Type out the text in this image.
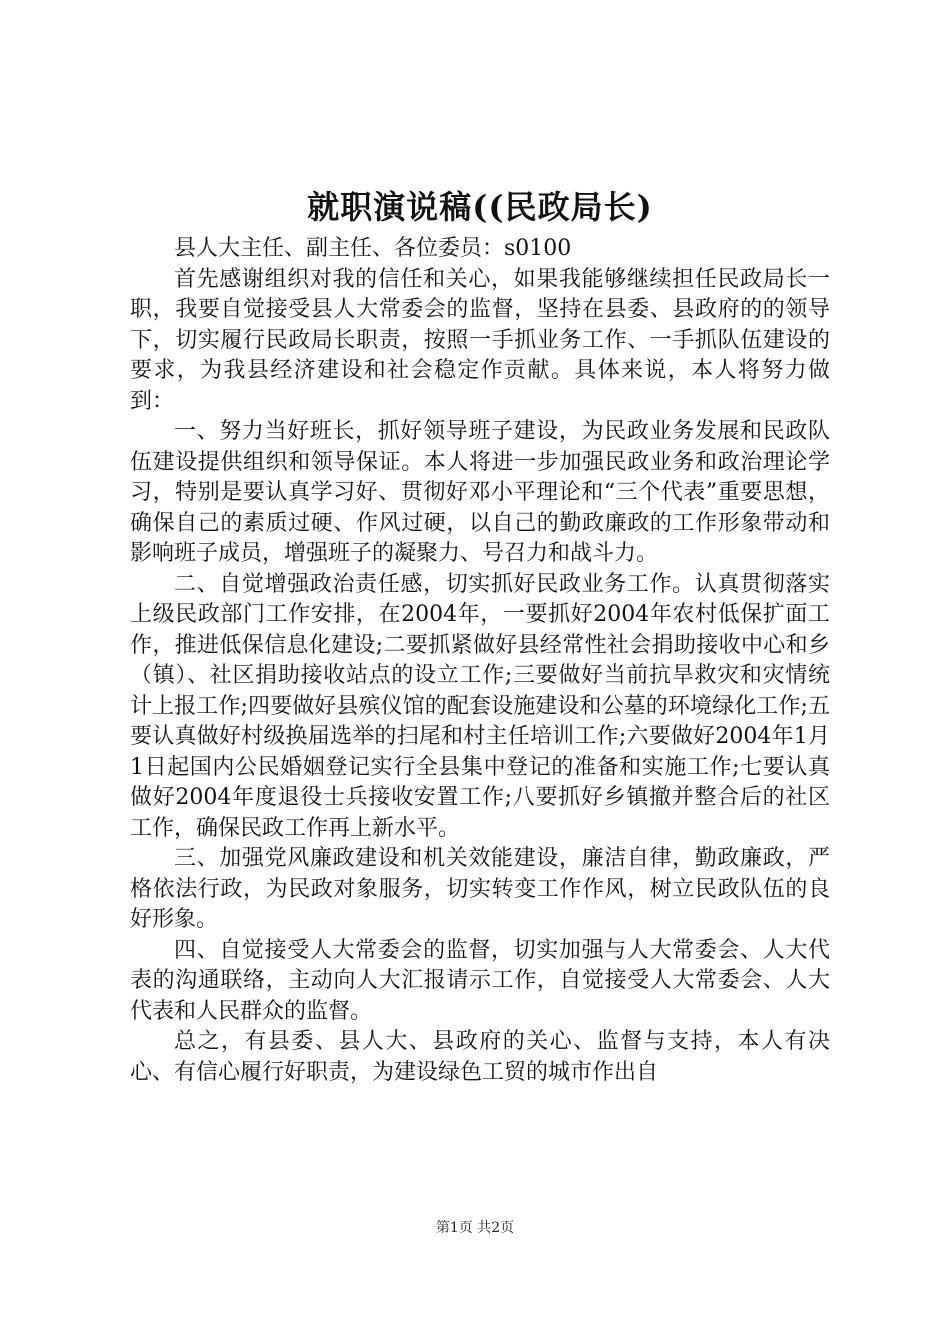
就职演说稿((民政局长)

县人大主任、副主任、各位委员：s0100

首先感谢组织对我的信任和关心，如果我能够继续担任民政局长一职，我要自觉接受县人大常委会的监督，坚持在县委、县政府的的领导下，切实履行民政局长职责，按照一手抓业务工作、一手抓队伍建设的要求，为我县经济建设和社会稳定作贡献。具体来说，本人将努力做到：

一、努力当好班长，抓好领导班子建设，为民政业务发展和民政队伍建设提供组织和领导保证。本人将进一步加强民政业务和政治理论学习，特别是要认真学习好、贯彻好邓小平理论和“三个代表”重要思想，确保自己的素质过硬、作风过硬，以自己的勤政廉政的工作形象带动和影响班子成员，增强班子的凝聚力、号召力和战斗力。

二、自觉增强政治责任感，切实抓好民政业务工作。认真贯彻落实上级民政部门工作安排，在2004年，一要抓好2004年农村低保扩面工作，推进低保信息化建设;二要抓紧做好县经常性社会捐助接收中心和乡（镇）、社区捐助接收站点的设立工作;三要做好当前抗旱救灾和灾情统计上报工作;四要做好县殡仪馆的配套设施建设和公墓的环境绿化工作;五要认真做好村级换届选举的扫尾和村主任培训工作;六要做好2004年1月1日起国内公民婚姻登记实行全县集中登记的准备和实施工作;七要认真做好2004年度退役士兵接收安置工作;八要抓好乡镇撤并整合后的社区工作，确保民政工作再上新水平。

三、加强党风廉政建设和机关效能建设，廉洁自律，勤政廉政，严格依法行政，为民政对象服务，切实转变工作作风，树立民政队伍的良好形象。

四、自觉接受人大常委会的监督，切实加强与人大常委会、人大代表的沟通联络，主动向人大汇报请示工作，自觉接受人大常委会、人大代表和人民群众的监督。

总之，有县委、县人大、县政府的关心、监督与支持，本人有决心、有信心履行好职责，为建设绿色工贸的城市作出自

第1页 共2页
